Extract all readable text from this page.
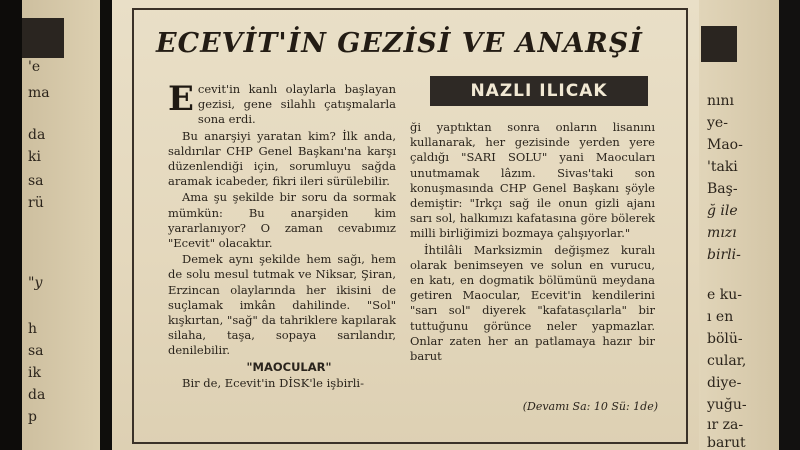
'e
ma
da
ki
sa
rü
"y
h
sa
ik
da
p
ECEVİT'İN GEZİSİ VE ANARŞİ
NAZLI ILICAK

Ecevit'in kanlı olaylarla başlayan gezisi, gene silahlı çatışmalarla sona erdi.

Bu anarşiyi yaratan kim? İlk anda, saldırılar CHP Genel Başkanı'na karşı düzenlendiği için, sorumluyu sağda aramak icabeder, fikri ileri sürülebilir.

Ama şu şekilde bir soru da sormak mümkün: Bu anarşiden kim yararlanıyor? O zaman cevabımız "Ecevit" olacaktır.

Demek aynı şekilde hem sağı, hem de solu mesul tutmak ve Niksar, Şiran, Erzincan olaylarında her ikisini de suçlamak imkân dahilinde. "Sol" kışkırtan, "sağ" da tahriklere kapılarak silaha, taşa, sopaya sarılandır, denilebilir.

"MAOCULAR"

Bir de, Ecevit'in DİSK'le işbirli-

ği yaptıktan sonra onların lisanını kullanarak, her gezisinde yerden yere çaldığı "SARI SOLU" yani Maocuları unutmamak lâzım. Sivas'taki son konuşmasında CHP Genel Başkanı şöyle demiştir: "Irkçı sağ ile onun gizli ajanı sarı sol, halkımızı kafatasına göre bölerek milli birliğimizi bozmaya çalışıyorlar."

İhtilâli Marksizmin değişmez kuralı olarak benimseyen ve solun en vurucu, en katı, en dogmatik bölümünü meydana getiren Maocular, Ecevit'in kendilerini "sarı sol" diyerek "kafatasçılarla" bir tuttuğunu görünce neler yapmazlar. Onlar zaten her an patlamaya hazır bir barut

(Devamı Sa: 10 Sü: 1de)
nını
ye-
Mao-
'taki
Baş-
ğ ile
mızı
birli-
e ku-
ı en
bölü-
cular,
diye-
yuğu-
ır za-
barut
